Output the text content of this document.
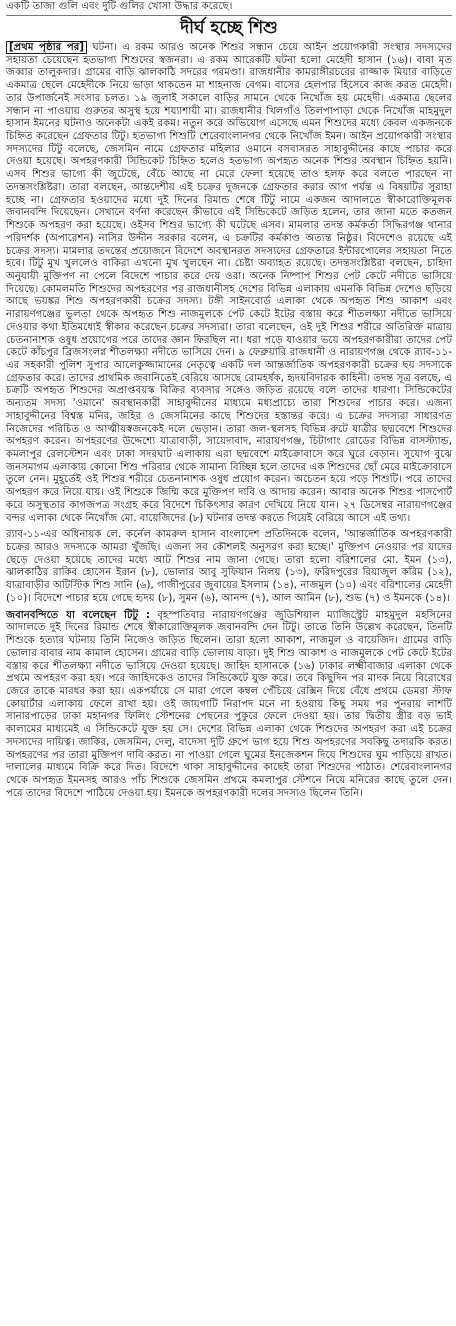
একটি তাজা গুলি এবং দুটি গুলির খোসা উদ্ধার করেছে।
দীর্ঘ হচ্ছে শিশু

[প্রথম পৃষ্ঠার পর] ঘটনা। এ রকম আরও অনেক শিশুর সন্ধান চেয়ে আইন প্রয়োগকারী সংস্থার সদস্যদের সহায়তা চেয়েছেন হতভাগ্য শিশুদের স্বজনরা। এ রকম আরেকটি ঘটনা হলো মেহেদী হাসান (১৬)। বাবা মৃত জব্বার তালুকদার। গ্রামের বাড়ি ঝালকাঠি সদরের গরমণ্ডা। রাজধানীর কামরাঙ্গীরচরের রাজ্জাক মিয়ার বাড়িতে একমাত্র ছেলে মেহেদীকে নিয়ে ভাড়া থাকতেন মা শাহনাজ বেগম। বাসের হেলপার হিসেবে কাজ করত মেহেদী। তার উপার্জনেই সংসার চলত। ১৯ জুলাই সকালে বাড়ির সামনে থেকে নিখোঁজ হয় মেহেদী। একমাত্র ছেলের সন্ধান না পাওয়ায় গুরুতর অসুস্থ হয়ে শয্যাশায়ী মা। রাজধানীর খিলগাঁও তিলপাপাড়া থেকে নিখোঁজ মাহমুদুল হাসান ইমনের ঘটনাও অনেকটা একই রকম। নতুন করে অভিযোগ এসেছে এমন শিশুদের মধ্যে কেবল একজনকে চিহ্নিত করেছেন গ্রেফতার টিটু। হতভাগ্য শিশুটি শেরেবাংলানগর থেকে নিখোঁজ ইমন। আইন প্রয়োগকারী সংস্থার সদস্যদের টিটু বলেছে, জেসমিন নামে গ্রেফতার মহিলার ওমানে বসবাসরত সাহাবুদ্দীনের কাছে পাচার করে দেওয়া হয়েছে। অপহরণকারী সিন্ডিকেট চিহ্নিত হলেও হতভাগ্য অপহৃত অনেক শিশুর অবস্থান চিহ্নিত হয়নি। এসব শিশুর ভাগ্যে কী জুটেছে, বেঁচে আছে না মেরে ফেলা হয়েছে তাও হলফ করে বলতে পারছেন না তদন্তসংশ্লিষ্টরা। তারা বলছেন, আন্তদেশীয় এই চক্রের দুজনকে গ্রেফতার করার আগ পর্যন্ত এ বিষয়টির সুরাহা হচ্ছে না। গ্রেফতার হওয়াদের মধ্যে দুই দিনের রিমান্ড শেষে টিটু নামে একজন আদালতে স্বীকারোক্তিমূলক জবানবন্দি দিয়েছেন। সেখানে বর্ণনা করেছেন কীভাবে এই সিন্ডিকেটে জড়িত হলেন, তার জানা মতে কতজন শিশুকে অপহরণ করা হয়েছে। ওইসব শিশুর ভাগ্যে কী ঘটেছে এসব। মামলার তদন্ত কর্মকর্তা সিদ্ধিরগঞ্জ থানার পরিদর্শক (অপারেশন) নাসির উদ্দীন সরকার বলেন, এ চক্রটির কর্মকাণ্ড অত্যন্ত নিষ্ঠুর। বিদেশেও রয়েছে এই চক্রের সদস্য। মামলার তদন্তের প্রয়োজনে বিদেশে অবস্থানরত সদস্যদের গ্রেফতারে ইন্টারপোলের সহায়তা নিতে হবে। টিটু মুখ খুললেও বাকিরা এখনো মুখ খুলছেন না। চেষ্টা অব্যাহত রয়েছে। তদন্তসংশ্লিষ্টরা বলছেন, চাহিদা অনুযায়ী মুক্তিপণ না পেলে বিদেশে পাচার করে দেয় ওরা। অনেক নিষ্পাপ শিশুর পেট কেটে নদীতে ভাসিয়ে দিয়েছে। কোমলমতি শিশুদের অপহরণের পর রাজধানীসহ দেশের বিভিন্ন এলাকায় এমনকি বিভিন্ন দেশেও ছড়িয়ে আছে ভয়ঙ্কর শিশু অপহরণকারী চক্রের সদস্য। টঙ্গী সাইনবোর্ড এলাকা থেকে অপহৃত শিশু আকাশ এবং নারায়ণগঞ্জের ভুলতা থেকে অপহৃত শিশু নাজমুলকে পেট কেটে ইটের বস্তায় করে শীতলক্ষ্যা নদীতে ভাসিয়ে দেওয়ার কথা ইতিমধ্যেই স্বীকার করেছেন চক্রের সদস্যরা। তারা বলেছেন, ওই দুই শিশুর শরীরে অতিরিক্ত মাত্রায় চেতনানাশক ওষুধ প্রয়োগের পরে তাদের জ্ঞান ফিরছিল না। ধরা পড়ে যাওয়ার ভয়ে অপহরণকারীরা তাদের পেট কেটে কাঁচপুর ব্রিজসংলগ্ন শীতলক্ষ্যা নদীতে ভাসিয়ে দেন। ৯ ফেব্রুয়ারি রাজধানী ও নারায়ণগঞ্জ থেকে র‌্যাব-১১-এর সহকারী পুলিশ সুপার আলেকুজ্জামানের নেতৃত্বে একটি দল আন্তর্জাতিক অপহরণকারী চক্রের ছয় সদস্যকে গ্রেফতার করে। তাদের প্রাথমিক জবানিতেই বেরিয়ে আসছে রোমহর্ষক, হৃদয়বিদারক কাহিনী। তদন্ত সূত্র বলছে, এ চক্রটি অপহৃত শিশুদের অপ্রাপ্তবয়স্ক বিক্রির ব্যবসার সঙ্গেও জড়িত রয়েছে বলে তাদের ধারণা। সিন্ডিকেটের অন্যতম সদস্য 'ওমানে' অবস্থানকারী সাহাবুদ্দীনের মাধ্যমে মধ্যপ্রাচ্যে তারা শিশুদের পাচার করে। এজন্য সাহাবুদ্দীনের বিশ্বস্ত মনির, জহির ও জেসমিনের কাছে শিশুদের হস্তান্তর করে। এ চক্রের সদস্যরা সাধারণত নিজেদের পরিচিত ও আত্মীয়স্বজনকেই দলে ভেড়ান। তারা জল-স্থলসহ বিভিন্ন রুটে যাত্রীর ছদ্মবেশে শিশুদের অপহরণ করেন। অপহরণের উদ্দেশ্যে যাত্রাবাড়ী, সায়েদাবাদ, নারায়ণগঞ্জ, চিটাগাং রোডের বিভিন্ন বাসস্ট্যান্ড, কমলাপুর রেলস্টেশন এবং ঢাকা সদরঘাট এলাকায় এরা ছদ্মবেশে মাইক্রোবাসে করে ঘুরে বেড়ান। সুযোগ বুঝে জনসমাগম এলাকায় কোনো শিশু পরিবার থেকে সামান্য বিচ্ছিন্ন হলে তাদের এক শিশুদের ছোঁ মেরে মাইক্রোবাসে তুলে নেন। মুহূর্তেই ওই শিশুর শরীরে চেতনানাশক ওষুধ প্রয়োগ করেন। অচেতন হয়ে পড়ে শিশুটি। পরে তাদের অপহরণ করে নিয়ে যায়। ওই শিশুকে জিম্মি করে মুক্তিপণ দাবি ও আদায় করেন। আবার অনেক শিশুর পাসপোর্ট করে অসুস্থতার কাগজপত্র সংগ্রহ করে বিদেশে চিকিৎসার কারণ দেখিয়ে নিয়ে যান। ২৭ ডিসেম্বর নারায়ণগঞ্জের বন্দর এলাকা থেকে নিখোঁজ মো. বায়েজিদের (৮) ঘটনার তদন্ত করতে গিয়েই বেরিয়ে আসে এই তথ্য।

র‌্যাব-১১-এর অধিনায়ক লে. কর্নেল কামরুল হাসান বাংলাদেশ প্রতিদিনকে বলেন, 'আন্তর্জাতিক অপহরণকারী চক্রের আরও সদস্যকে আমরা খুঁজছি। এজন্য সব কৌশলই অনুসরণ করা হচ্ছে।' মুক্তিপণ নেওয়ার পর যাদের ছেড়ে দেওয়া হয়েছে তাদের মধ্যে আট শিশুর নাম জানা গেছে। তারা হলো বরিশালের মো. ইমন (১৩), ঝালকাঠির রাকিব হোসেন ইরান (৮), ভোলার আবু সুফিয়ান নিলয় (১৩), ফরিদপুরের রিয়াজুল করিম (১২), যাত্রাবাড়ীর অটিস্টিক শিশু সানি (৬), গাজীপুরের জুবায়ের ইসলাম (১৪), নাজমুল (১০) এবং বরিশালের মেহেদী (১০)। বিদেশে পাচার হয়ে গেছে হৃদয় (৮), সুমন (৬), আনন্দ (৭), আল আমিন (৮), শুভ (৭) ও ইমনকে (১৪)।

জবানবন্দিতে যা বলেছেন টিটু : বৃহস্পতিবার নারায়ণগঞ্জের জুডিশিয়াল ম্যাজিস্ট্রেট মাহমুদুল মহসিনের আদালতে দুই দিনের রিমান্ড শেষে স্বীকারোক্তিমূলক জবানবন্দি দেন টিটু। তাতে তিনি উল্লেখ করেছেন, তিনটি শিশুকে হত্যার ঘটনায় তিনি নিজেও জড়িত ছিলেন। তারা হলো আকাশ, নাজমুল ও বায়েজিদ। গ্রামের বাড়ি ভোলার বাবার নাম কামাল হোসেন। গ্রামের বাড়ি ভোলায় বাড়া। দুই শিশু আকাশ ও নাজমুলকে পেট কেটে ইটের বস্তায় করে শীতলক্ষ্যা নদীতে ভাসিয়ে দেওয়া হয়েছে। জাহিদ হাসানকে (১৬) ঢাকার লক্ষ্মীবাজার এলাকা থেকে প্রথমে অপহরণ করা হয়। পরে জাহিদকেও তাদের সিন্ডিকেটে যুক্ত করে। তবে কিছুদিন পর মাদক নিয়ে বিরোধের জেরে তাকে মারধর করা হয়। একপর্যায়ে সে মারা গেলে কম্বল পেঁচিয়ে রেক্সিন দিয়ে বেঁধে প্রথমে ডেমরা স্টাফ কোয়ার্টার এলাকায় ফেলে রাখা হয়। ওই জায়গাটি নিরাপদ মনে না হওয়ায় কিছু সময় পর পুনরায় লাশটি সানারপাড়ের ঢাকা মহানগর ফিলিং স্টেশনের পেছনের পুকুরে ফেলে দেওয়া হয়। তার দ্বিতীয় স্ত্রীর বড় ভাই কালামের মাধ্যমেই এ সিন্ডিকেটে যুক্ত হয় সে। দেশের বিভিন্ন এলাকা থেকে শিশুদের অপহরণ করা এই চক্রের সদস্যদের দায়িত্ব। জাকির, জেসমিন, দেলু, বাদেসা দুটি গ্রুপে ভাগ হয়ে শিশু অপহরণের সবকিছু তদারকি করত। অপহরণের পর তারা মুক্তিপণ দাবি করত। না পাওয়া গেলে ঘুমের ইনজেকশন দিয়ে শিশুদের ঘুম পাড়িয়ে রাখত। দালালের মাধ্যমে বিক্রি করে দিত। বিদেশে থাকা সাহাবুদ্দীনের কাছেই তারা শিশুদের পাঠাত। শেরেবাংলানগর থেকে অপহৃত ইমনসহ আরও পাঁচ শিশুকে জেসমিন প্রথমে কমলাপুর স্টেশনে নিয়ে মনিরের কাছে তুলে দেন। পরে তাদের বিদেশে পাঠিয়ে দেওয়া হয়। ইমনকে অপহরণকারী দলের সদস্যও ছিলেন তিনি।
